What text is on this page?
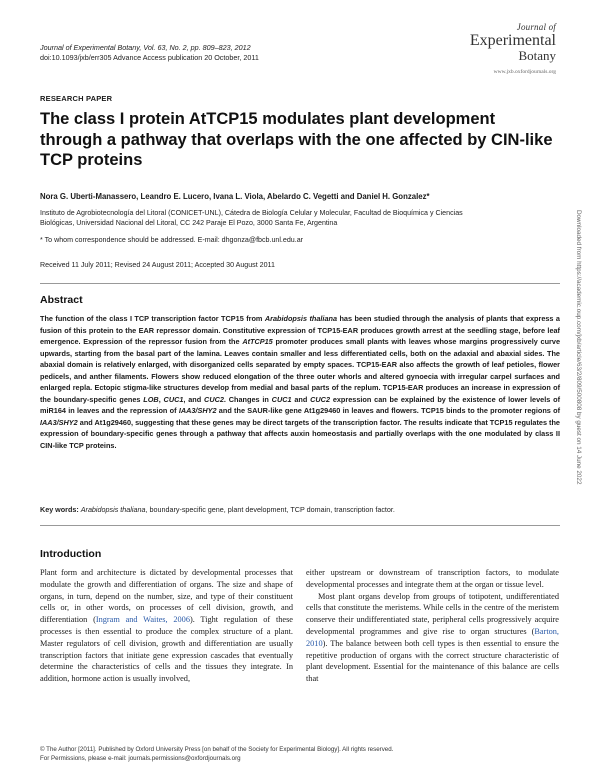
Journal of Experimental Botany, Vol. 63, No. 2, pp. 809–823, 2012
doi:10.1093/jxb/err305 Advance Access publication 20 October, 2011
Journal of
Experimental
Botany
www.jxb.oxfordjournals.org
RESEARCH PAPER
The class I protein AtTCP15 modulates plant development through a pathway that overlaps with the one affected by CIN-like TCP proteins
Nora G. Uberti-Manassero, Leandro E. Lucero, Ivana L. Viola, Abelardo C. Vegetti and Daniel H. Gonzalez*
Instituto de Agrobiotecnología del Litoral (CONICET-UNL), Cátedra de Biología Celular y Molecular, Facultad de Bioquímica y Ciencias
Biológicas, Universidad Nacional del Litoral, CC 242 Paraje El Pozo, 3000 Santa Fe, Argentina
* To whom correspondence should be addressed. E-mail: dhgonza@fbcb.unl.edu.ar
Received 11 July 2011; Revised 24 August 2011; Accepted 30 August 2011
Abstract
The function of the class I TCP transcription factor TCP15 from Arabidopsis thaliana has been studied through the analysis of plants that express a fusion of this protein to the EAR repressor domain. Constitutive expression of TCP15-EAR produces growth arrest at the seedling stage, before leaf emergence. Expression of the repressor fusion from the AtTCP15 promoter produces small plants with leaves whose margins progressively curve upwards, starting from the basal part of the lamina. Leaves contain smaller and less differentiated cells, both on the adaxial and abaxial sides. The abaxial domain is relatively enlarged, with disorganized cells separated by empty spaces. TCP15-EAR also affects the growth of leaf petioles, flower pedicels, and anther filaments. Flowers show reduced elongation of the three outer whorls and altered gynoecia with irregular carpel surfaces and enlarged repla. Ectopic stigma-like structures develop from medial and basal parts of the replum. TCP15-EAR produces an increase in expression of the boundary-specific genes LOB, CUC1, and CUC2. Changes in CUC1 and CUC2 expression can be explained by the existence of lower levels of miR164 in leaves and the repression of IAA3/SHY2 and the SAUR-like gene At1g29460 in leaves and flowers. TCP15 binds to the promoter regions of IAA3/SHY2 and At1g29460, suggesting that these genes may be direct targets of the transcription factor. The results indicate that TCP15 regulates the expression of boundary-specific genes through a pathway that affects auxin homeostasis and partially overlaps with the one modulated by class II CIN-like TCP proteins.
Key words: Arabidopsis thaliana, boundary-specific gene, plant development, TCP domain, transcription factor.
Introduction
Plant form and architecture is dictated by developmental processes that modulate the growth and differentiation of organs. The size and shape of organs, in turn, depend on the number, size, and type of their constituent cells or, in other words, on processes of cell division, growth, and differentiation (Ingram and Waites, 2006). Tight regulation of these processes is then essential to produce the complex structure of a plant. Master regulators of cell division, growth and differentiation are usually transcription factors that initiate gene expression cascades that eventually determine the characteristics of cells and the tissues they integrate. In addition, hormone action is usually involved,
either upstream or downstream of transcription factors, to modulate developmental processes and integrate them at the organ or tissue level.
Most plant organs develop from groups of totipotent, undifferentiated cells that constitute the meristems. While cells in the centre of the meristem conserve their undifferentiated state, peripheral cells progressively acquire developmental programmes and give rise to organ structures (Barton, 2010). The balance between both cell types is then essential to ensure the repetitive production of organs with the correct structure characteristic of plant development. Essential for the maintenance of this balance are cells that
© The Author [2011]. Published by Oxford University Press [on behalf of the Society for Experimental Biology]. All rights reserved.
For Permissions, please e-mail: journals.permissions@oxfordjournals.org
Downloaded from https://academic.oup.com/jxb/article/63/2/809/500808 by guest on 14 June 2022
